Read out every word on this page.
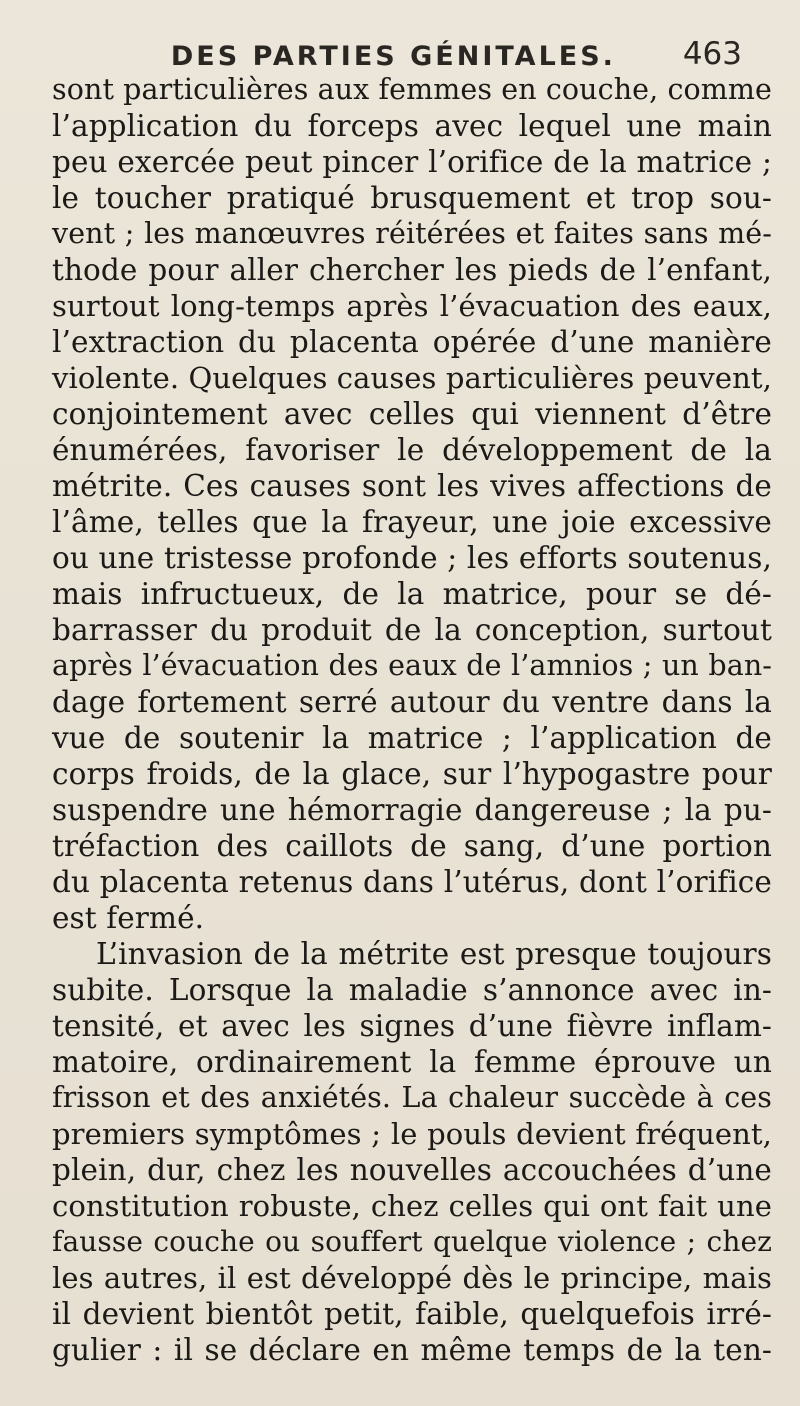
DES PARTIES GÉNITALES.	463
sont particulières aux femmes en couche, comme
l’application du forceps avec lequel une main
peu exercée peut pincer l’orifice de la matrice ;
le toucher pratiqué brusquement et trop sou-
vent ; les manœuvres réitérées et faites sans mé-
thode pour aller chercher les pieds de l’enfant,
surtout long-temps après l’évacuation des eaux,
l’extraction du placenta opérée d’une manière
violente. Quelques causes particulières peuvent,
conjointement avec celles qui viennent d’être
énumérées, favoriser le développement de la
métrite. Ces causes sont les vives affections de
l’âme, telles que la frayeur, une joie excessive
ou une tristesse profonde ; les efforts soutenus,
mais infructueux, de la matrice, pour se dé-
barrasser du produit de la conception, surtout
après l’évacuation des eaux de l’amnios ; un ban-
dage fortement serré autour du ventre dans la
vue de soutenir la matrice ; l’application de
corps froids, de la glace, sur l’hypogastre pour
suspendre une hémorragie dangereuse ; la pu-
tréfaction des caillots de sang, d’une portion
du placenta retenus dans l’utérus, dont l’orifice
est fermé.
L’invasion de la métrite est presque toujours
subite. Lorsque la maladie s’annonce avec in-
tensité, et avec les signes d’une fièvre inflam-
matoire, ordinairement la femme éprouve un
frisson et des anxiétés. La chaleur succède à ces
premiers symptômes ; le pouls devient fréquent,
plein, dur, chez les nouvelles accouchées d’une
constitution robuste, chez celles qui ont fait une
fausse couche ou souffert quelque violence ; chez
les autres, il est développé dès le principe, mais
il devient bientôt petit, faible, quelquefois irré-
gulier : il se déclare en même temps de la ten-
